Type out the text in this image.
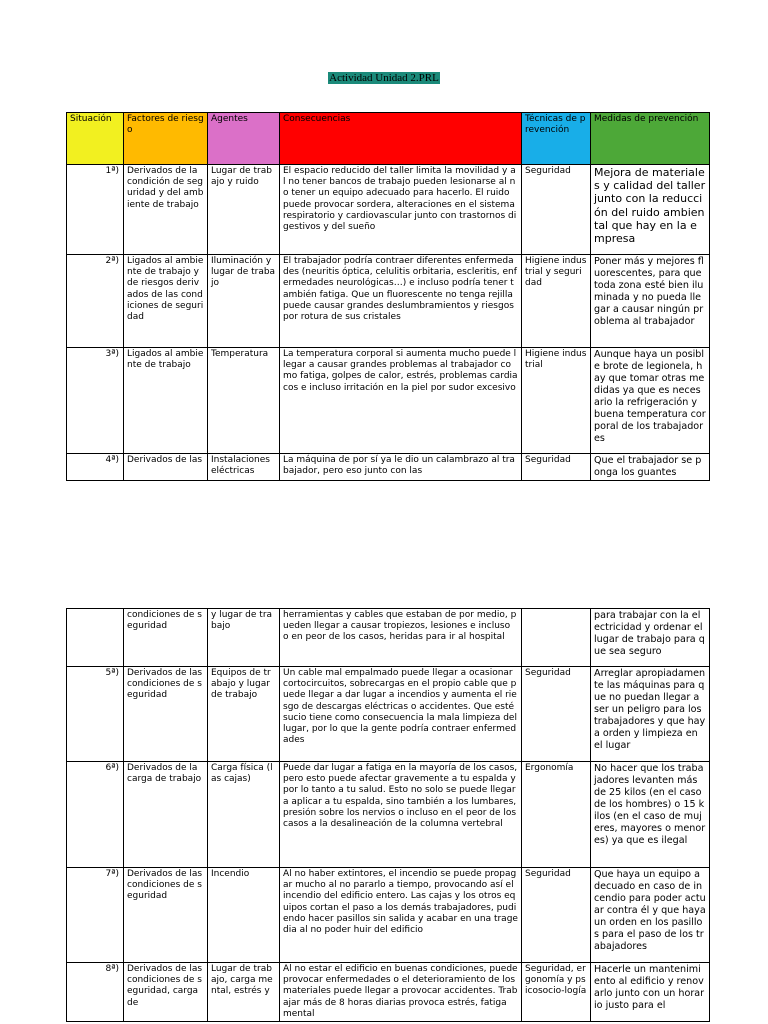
Actividad Unidad 2.PRL
Situación	Factores de riesgo	Agentes	Consecuencias	Técnicas de prevención	Medidas de prevención
1ª)	Derivados de la condición de seguridad y del ambiente de trabajo	Lugar de trabajo y ruido	El espacio reducido del taller limita la movilidad y al no tener bancos de trabajo pueden lesionarse al no tener un equipo adecuado para hacerlo. El ruido puede provocar sordera, alteraciones en el sistema respiratorio y cardiovascular junto con trastornos digestivos y del sueño	Seguridad	Mejora de materiales y calidad del taller junto con la reducción del ruido ambiental que hay en la empresa
2ª)	Ligados al ambiente de trabajo y de riesgos derivados de las condiciones de seguridad	Iluminación y lugar de trabajo	El trabajador podría contraer diferentes enfermedades (neuritis óptica, celulitis orbitaria, escleritis, enfermedades neurológicas…) e incluso podría tener también fatiga. Que un fluorescente no tenga rejilla puede causar grandes deslumbramientos y riesgos por rotura de sus cristales	Higiene industrial y seguridad	Poner más y mejores fluorescentes, para que toda zona esté bien iluminada y no pueda llegar a causar ningún problema al trabajador
3ª)	Ligados al ambiente de trabajo	Temperatura	La temperatura corporal si aumenta mucho puede llegar a causar grandes problemas al trabajador como fatiga, golpes de calor, estrés, problemas cardiacos e incluso irritación en la piel por sudor excesivo	Higiene industrial	Aunque haya un posible brote de legionela, hay que tomar otras medidas ya que es necesario la refrigeración y buena temperatura corporal de los trabajadores
4ª)	Derivados de las	Instalaciones eléctricas	La máquina de por sí ya le dio un calambrazo al trabajador, pero eso junto con las	Seguridad	Que el trabajador se ponga los guantes
	condiciones de seguridad	y lugar de trabajo	herramientas y cables que estaban de por medio, pueden llegar a causar tropiezos, lesiones e incluso o en peor de los casos, heridas para ir al hospital		para trabajar con la electricidad y ordenar el lugar de trabajo para que sea seguro
5ª)	Derivados de las condiciones de seguridad	Equipos de trabajo y lugar de trabajo	Un cable mal empalmado puede llegar a ocasionar cortocircuitos, sobrecargas en el propio cable que puede llegar a dar lugar a incendios y aumenta el riesgo de descargas eléctricas o accidentes. Que esté sucio tiene como consecuencia la mala limpieza del lugar, por lo que la gente podría contraer enfermedades	Seguridad	Arreglar apropiadamente las máquinas para que no puedan llegar a ser un peligro para los trabajadores y que haya orden y limpieza en el lugar
6ª)	Derivados de la carga de trabajo	Carga física (las cajas)	Puede dar lugar a fatiga en la mayoría de los casos, pero esto puede afectar gravemente a tu espalda y por lo tanto a tu salud. Esto no solo se puede llegar a aplicar a tu espalda, sino también a los lumbares, presión sobre los nervios o incluso en el peor de los casos a la desalineación de la columna vertebral	Ergonomía	No hacer que los trabajadores levanten más de 25 kilos (en el caso de los hombres) o 15 kilos (en el caso de mujeres, mayores o menores) ya que es ilegal
7ª)	Derivados de las condiciones de seguridad	Incendio	Al no haber extintores, el incendio se puede propagar mucho al no pararlo a tiempo, provocando así el incendio del edificio entero. Las cajas y los otros equipos cortan el paso a los demás trabajadores, pudiendo hacer pasillos sin salida y acabar en una tragedia al no poder huir del edificio	Seguridad	Que haya un equipo adecuado en caso de incendio para poder actuar contra él y que haya un orden en los pasillos para el paso de los trabajadores
8ª)	Derivados de las condiciones de seguridad, carga de	Lugar de trabajo, carga mental, estrés y	Al no estar el edificio en buenas condiciones, puede provocar enfermedades o el deterioramiento de los materiales puede llegar a provocar accidentes. Trabajar más de 8 horas diarias provoca estrés, fatiga mental	Seguridad, ergonomía y psicosocio-logía	Hacerle un mantenimiento al edificio y renovarlo junto con un horario justo para el
